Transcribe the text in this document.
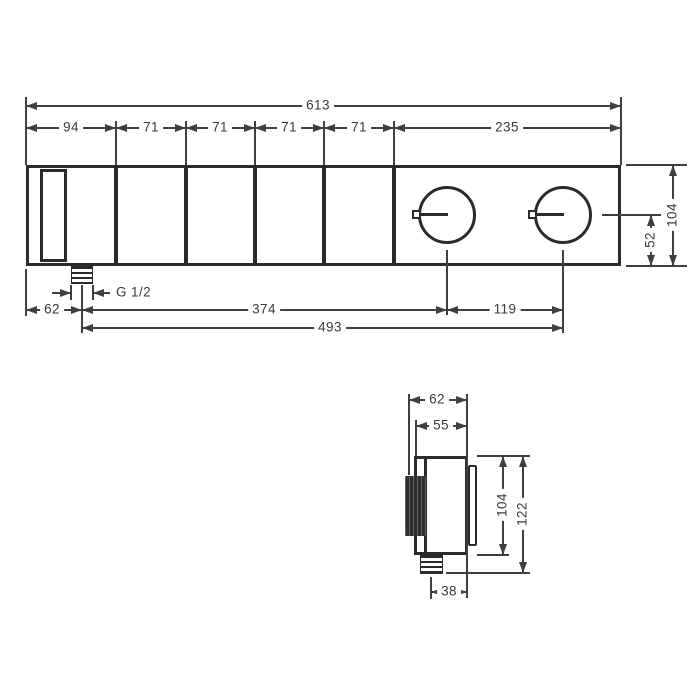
613
94	71	71	71	71	235
G 1/2
62	374	119
493
52
104
62
55
104 122
38
